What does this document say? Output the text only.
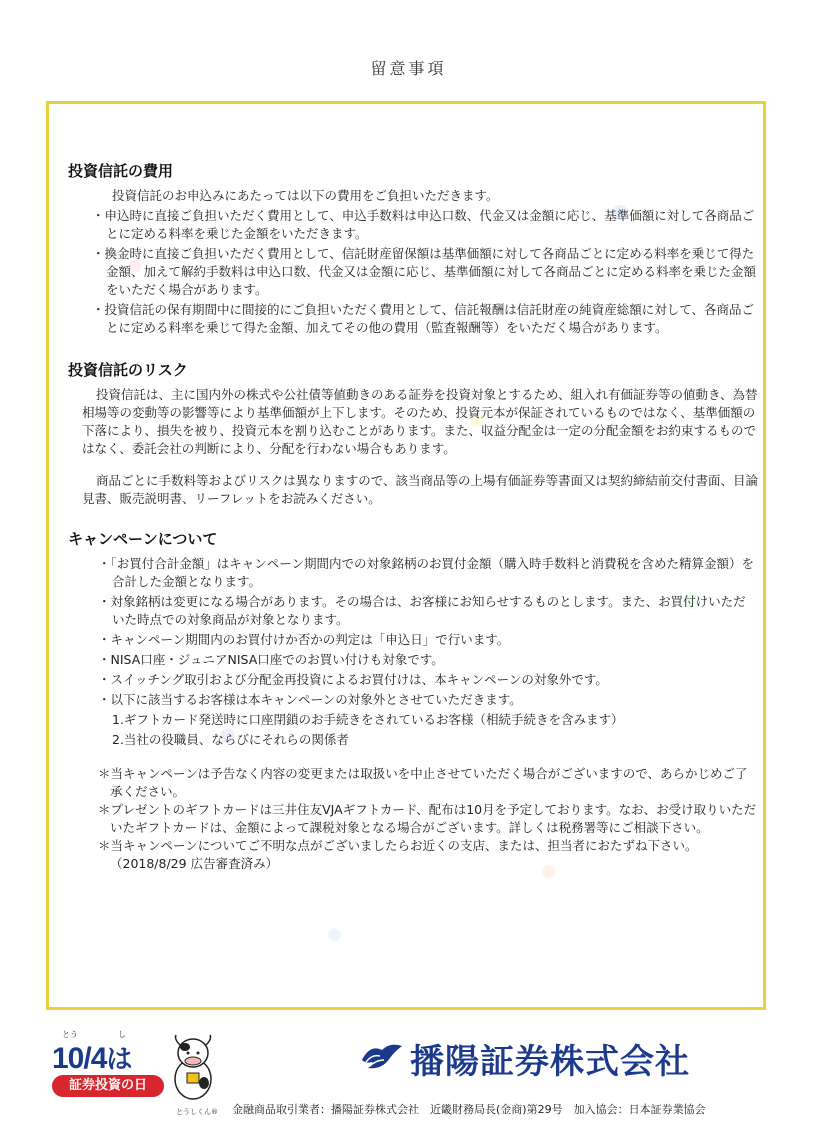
留意事項
投資信託の費用

投資信託のお申込みにあたっては以下の費用をご負担いただきます。

・申込時に直接ご負担いただく費用として、申込手数料は申込口数、代金又は金額に応じ、基準価額に対して各商品ごとに定める料率を乗じた金額をいただきます。

・換金時に直接ご負担いただく費用として、信託財産留保額は基準価額に対して各商品ごとに定める料率を乗じて得た金額、加えて解約手数料は申込口数、代金又は金額に応じ、基準価額に対して各商品ごとに定める料率を乗じた金額をいただく場合があります。

・投資信託の保有期間中に間接的にご負担いただく費用として、信託報酬は信託財産の純資産総額に対して、各商品ごとに定める料率を乗じて得た金額、加えてその他の費用（監査報酬等）をいただく場合があります。

投資信託のリスク

投資信託は、主に国内外の株式や公社債等値動きのある証券を投資対象とするため、組入れ有価証券等の値動き、為替相場等の変動等の影響等により基準価額が上下します。そのため、投資元本が保証されているものではなく、基準価額の下落により、損失を被り、投資元本を割り込むことがあります。また、収益分配金は一定の分配金額をお約束するものではなく、委託会社の判断により、分配を行わない場合もあります。

商品ごとに手数料等およびリスクは異なりますので、該当商品等の上場有価証券等書面又は契約締結前交付書面、目論見書、販売説明書、リーフレットをお読みください。

キャンペーンについて

・「お買付合計金額」はキャンペーン期間内での対象銘柄のお買付金額（購入時手数料と消費税を含めた精算金額）を合計した金額となります。

・対象銘柄は変更になる場合があります。その場合は、お客様にお知らせするものとします。また、お買付けいただいた時点での対象商品が対象となります。

・キャンペーン期間内のお買付けか否かの判定は「申込日」で行います。

・NISA口座・ジュニアNISA口座でのお買い付けも対象です。

・スイッチング取引および分配金再投資によるお買付けは、本キャンペーンの対象外です。

・以下に該当するお客様は本キャンペーンの対象外とさせていただきます。

1.ギフトカード発送時に口座閉鎖のお手続きをされているお客様（相続手続きを含みます）

2.当社の役職員、ならびにそれらの関係者

＊当キャンペーンは予告なく内容の変更または取扱いを中止させていただく場合がございますので、あらかじめご了承ください。

＊プレゼントのギフトカードは三井住友VJAギフトカード、配布は10月を予定しております。なお、お受け取りいただいたギフトカードは、金額によって課税対象となる場合がございます。詳しくは税務署等にご相談下さい。

＊当キャンペーンについてご不明な点がございましたらお近くの支店、または、担当者におたずね下さい。（2018/8/29 広告審査済み）

とう	し
10/4は
証券投資の日
とうしくん®
播陽証券株式会社
金融商品取引業者：播陽証券株式会社　近畿財務局長(金商)第29号　加入協会：日本証券業協会
